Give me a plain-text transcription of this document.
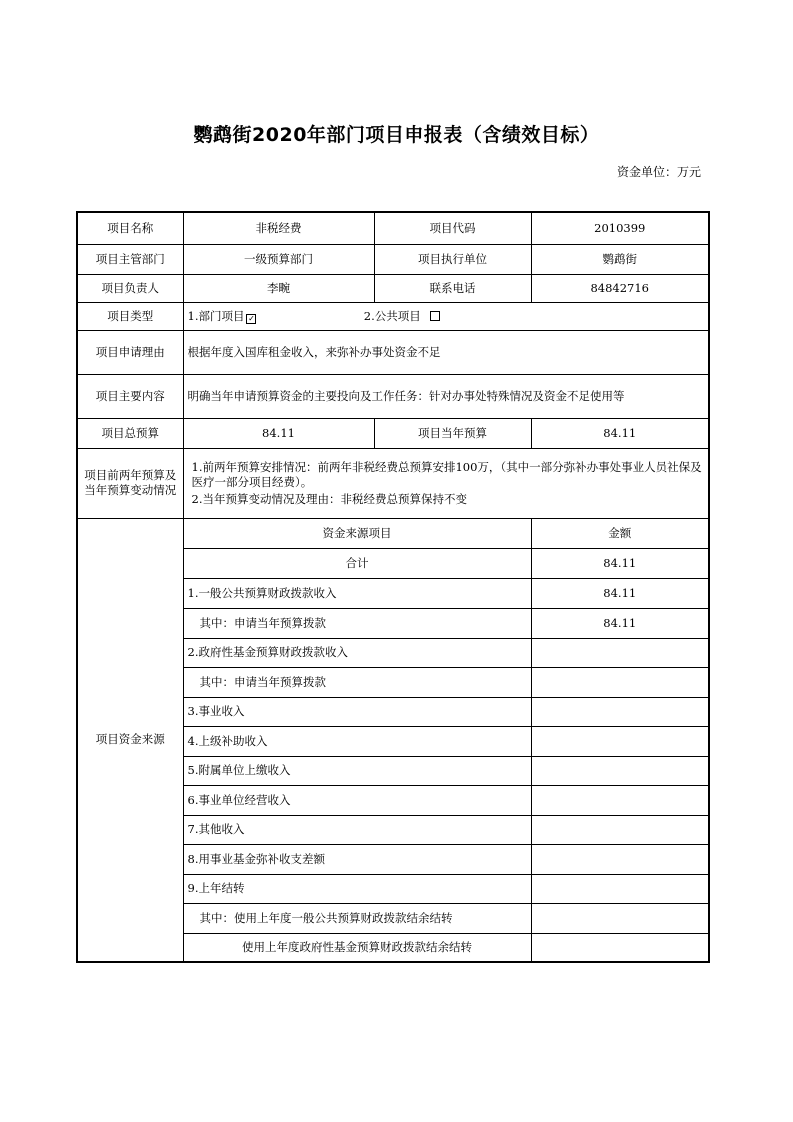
鹦鹉街2020年部门项目申报表（含绩效目标）
资金单位：万元
项目名称	非税经费	项目代码	2010399
项目主管部门	一级预算部门	项目执行单位	鹦鹉街
项目负责人	李畹	联系电话	84842716
项目类型	1.部门项目 ✓ 2.公共项目		
项目申请理由	根据年度入国库租金收入，来弥补办事处资金不足		
项目主要内容	明确当年申请预算资金的主要投向及工作任务：针对办事处特殊情况及资金不足使用等		
项目总预算	84.11	项目当年预算	84.11
项目前两年预算及当年预算变动情况	1.前两年预算安排情况：前两年非税经费总预算安排100万，（其中一部分弥补办事处事业人员社保及医疗一部分项目经费）。
2.当年预算变动情况及理由：非税经费总预算保持不变		

项目资金来源	资金来源项目		金额
	合计		84.11
	1.一般公共预算财政拨款收入		84.11
	其中：申请当年预算拨款		84.11
	2.政府性基金预算财政拨款收入		
	其中：申请当年预算拨款		
	3.事业收入		
	4.上级补助收入		
	5.附属单位上缴收入		
	6.事业单位经营收入		
	7.其他收入		
	8.用事业基金弥补收支差额		
	9.上年结转		
	其中：使用上年度一般公共预算财政拨款结余结转		
	使用上年度政府性基金预算财政拨款结余结转		
